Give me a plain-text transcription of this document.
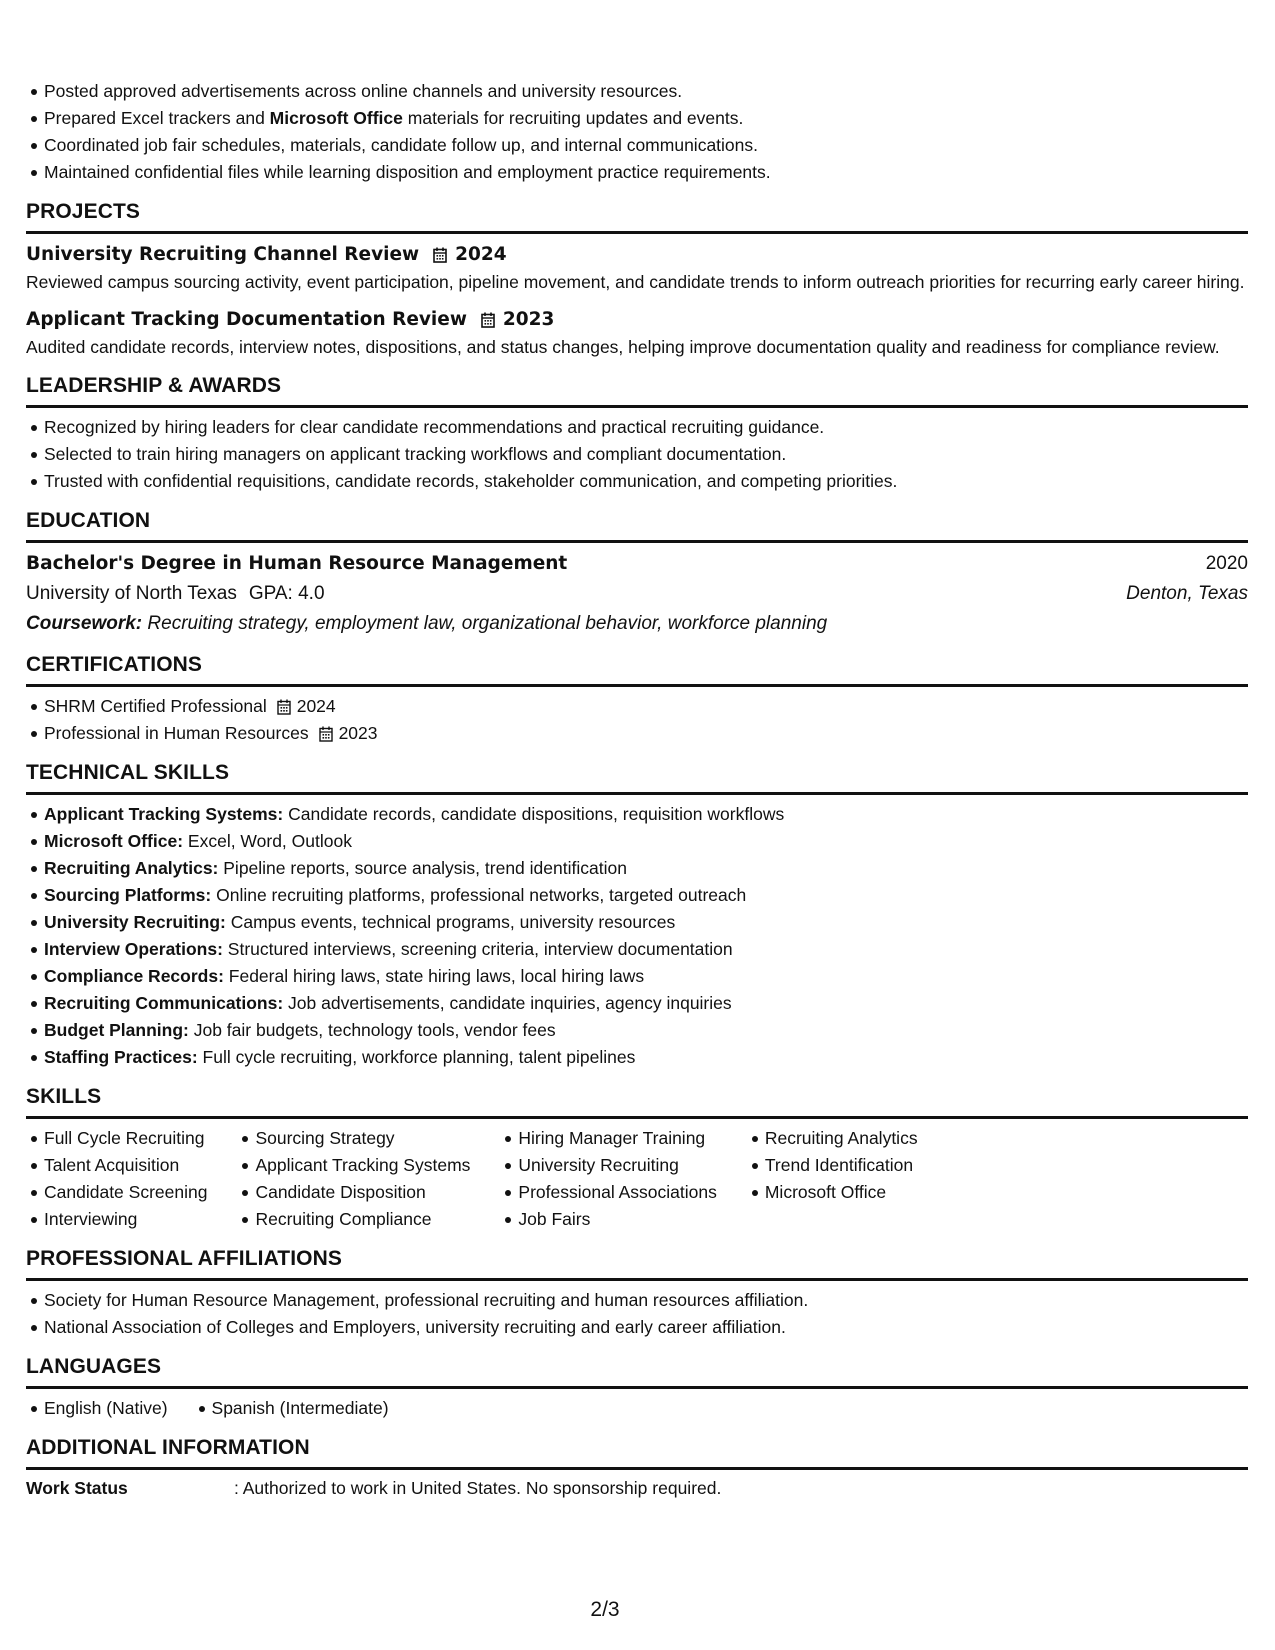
Posted approved advertisements across online channels and university resources.
Prepared Excel trackers and Microsoft Office materials for recruiting updates and events.
Coordinated job fair schedules, materials, candidate follow up, and internal communications.
Maintained confidential files while learning disposition and employment practice requirements.
PROJECTS
University Recruiting Channel Review 2024
Reviewed campus sourcing activity, event participation, pipeline movement, and candidate trends to inform outreach priorities for recurring early career hiring.
Applicant Tracking Documentation Review 2023
Audited candidate records, interview notes, dispositions, and status changes, helping improve documentation quality and readiness for compliance review.
LEADERSHIP & AWARDS
Recognized by hiring leaders for clear candidate recommendations and practical recruiting guidance.
Selected to train hiring managers on applicant tracking workflows and compliant documentation.
Trusted with confidential requisitions, candidate records, stakeholder communication, and competing priorities.
EDUCATION
Bachelor's Degree in Human Resource Management	2020
University of North Texas GPA: 4.0	Denton, Texas
Coursework: Recruiting strategy, employment law, organizational behavior, workforce planning
CERTIFICATIONS
SHRM Certified Professional 2024
Professional in Human Resources 2023
TECHNICAL SKILLS
Applicant Tracking Systems: Candidate records, candidate dispositions, requisition workflows
Microsoft Office: Excel, Word, Outlook
Recruiting Analytics: Pipeline reports, source analysis, trend identification
Sourcing Platforms: Online recruiting platforms, professional networks, targeted outreach
University Recruiting: Campus events, technical programs, university resources
Interview Operations: Structured interviews, screening criteria, interview documentation
Compliance Records: Federal hiring laws, state hiring laws, local hiring laws
Recruiting Communications: Job advertisements, candidate inquiries, agency inquiries
Budget Planning: Job fair budgets, technology tools, vendor fees
Staffing Practices: Full cycle recruiting, workforce planning, talent pipelines
SKILLS
Full Cycle Recruiting
Talent Acquisition
Candidate Screening
Interviewing
Sourcing Strategy
Applicant Tracking Systems
Candidate Disposition
Recruiting Compliance
Hiring Manager Training
University Recruiting
Professional Associations
Job Fairs
Recruiting Analytics
Trend Identification
Microsoft Office
PROFESSIONAL AFFILIATIONS
Society for Human Resource Management, professional recruiting and human resources affiliation.
National Association of Colleges and Employers, university recruiting and early career affiliation.
LANGUAGES
English (Native)	Spanish (Intermediate)
ADDITIONAL INFORMATION
Work Status	: Authorized to work in United States. No sponsorship required.
2/3
